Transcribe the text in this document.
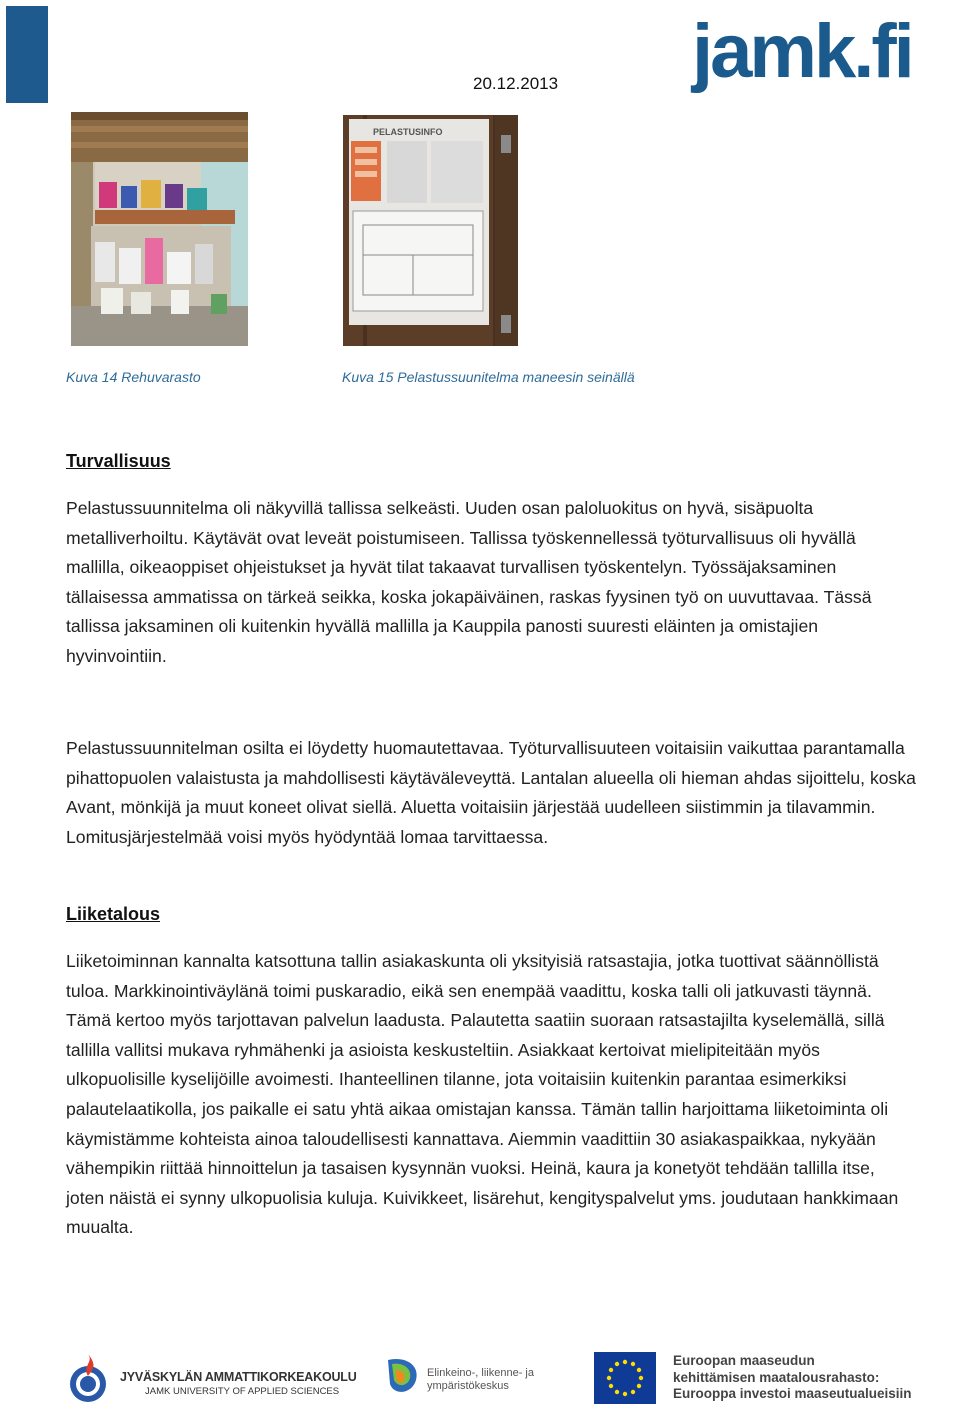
20.12.2013 jamk.fi
PELASTUSINFO
Kuva 14 Rehuvarasto	Kuva 15 Pelastussuunitelma maneesin seinällä
Turvallisuus
Pelastussuunnitelma oli näkyvillä tallissa selkeästi. Uuden osan paloluokitus on hyvä, sisäpuolta metalliverhoiltu. Käytävät ovat leveät poistumiseen. Tallissa työskennellessä työturvallisuus oli hyvällä mallilla, oikeaoppiset ohjeistukset ja hyvät tilat takaavat turvallisen työskentelyn. Työssäjaksaminen tällaisessa ammatissa on tärkeä seikka, koska jokapäiväinen, raskas fyysinen työ on uuvuttavaa. Tässä tallissa jaksaminen oli kuitenkin hyvällä mallilla ja Kauppila panosti suuresti eläinten ja omistajien hyvinvointiin.
Pelastussuunnitelman osilta ei löydetty huomautettavaa. Työturvallisuuteen voitaisiin vaikuttaa parantamalla pihattopuolen valaistusta ja mahdollisesti käytäväleveyttä. Lantalan alueella oli hieman ahdas sijoittelu, koska Avant, mönkijä ja muut koneet olivat siellä. Aluetta voitaisiin järjestää uudelleen siistimmin ja tilavammin. Lomitusjärjestelmää voisi myös hyödyntää lomaa tarvittaessa.
Liiketalous
Liiketoiminnan kannalta katsottuna tallin asiakaskunta oli yksityisiä ratsastajia, jotka tuottivat säännöllistä tuloa. Markkinointiväylänä toimi puskaradio, eikä sen enempää vaadittu, koska talli oli jatkuvasti täynnä. Tämä kertoo myös tarjottavan palvelun laadusta. Palautetta saatiin suoraan ratsastajilta kyselemällä, sillä tallilla vallitsi mukava ryhmähenki ja asioista keskusteltiin. Asiakkaat kertoivat mielipiteitään myös ulkopuolisille kyselijöille avoimesti. Ihanteellinen tilanne, jota voitaisiin kuitenkin parantaa esimerkiksi palautelaatikolla, jos paikalle ei satu yhtä aikaa omistajan kanssa. Tämän tallin harjoittama liiketoiminta oli käymistämme kohteista ainoa taloudellisesti kannattava. Aiemmin vaadittiin 30 asiakaspaikkaa, nykyään vähempikin riittää hinnoittelun ja tasaisen kysynnän vuoksi. Heinä, kaura ja konetyöt tehdään tallilla itse, joten näistä ei synny ulkopuolisia kuluja. Kuivikkeet, lisärehut, kengityspalvelut yms. joudutaan hankkimaan muualta.
JYVÄSKYLÄN AMMATTIKORKEAKOULU
JAMK UNIVERSITY OF APPLIED SCIENCES
Elinkeino-, liikenne- ja ympäristökeskus
Euroopan maaseudun
kehittämisen maatalousrahasto:
Eurooppa investoi maaseutualueisiin
